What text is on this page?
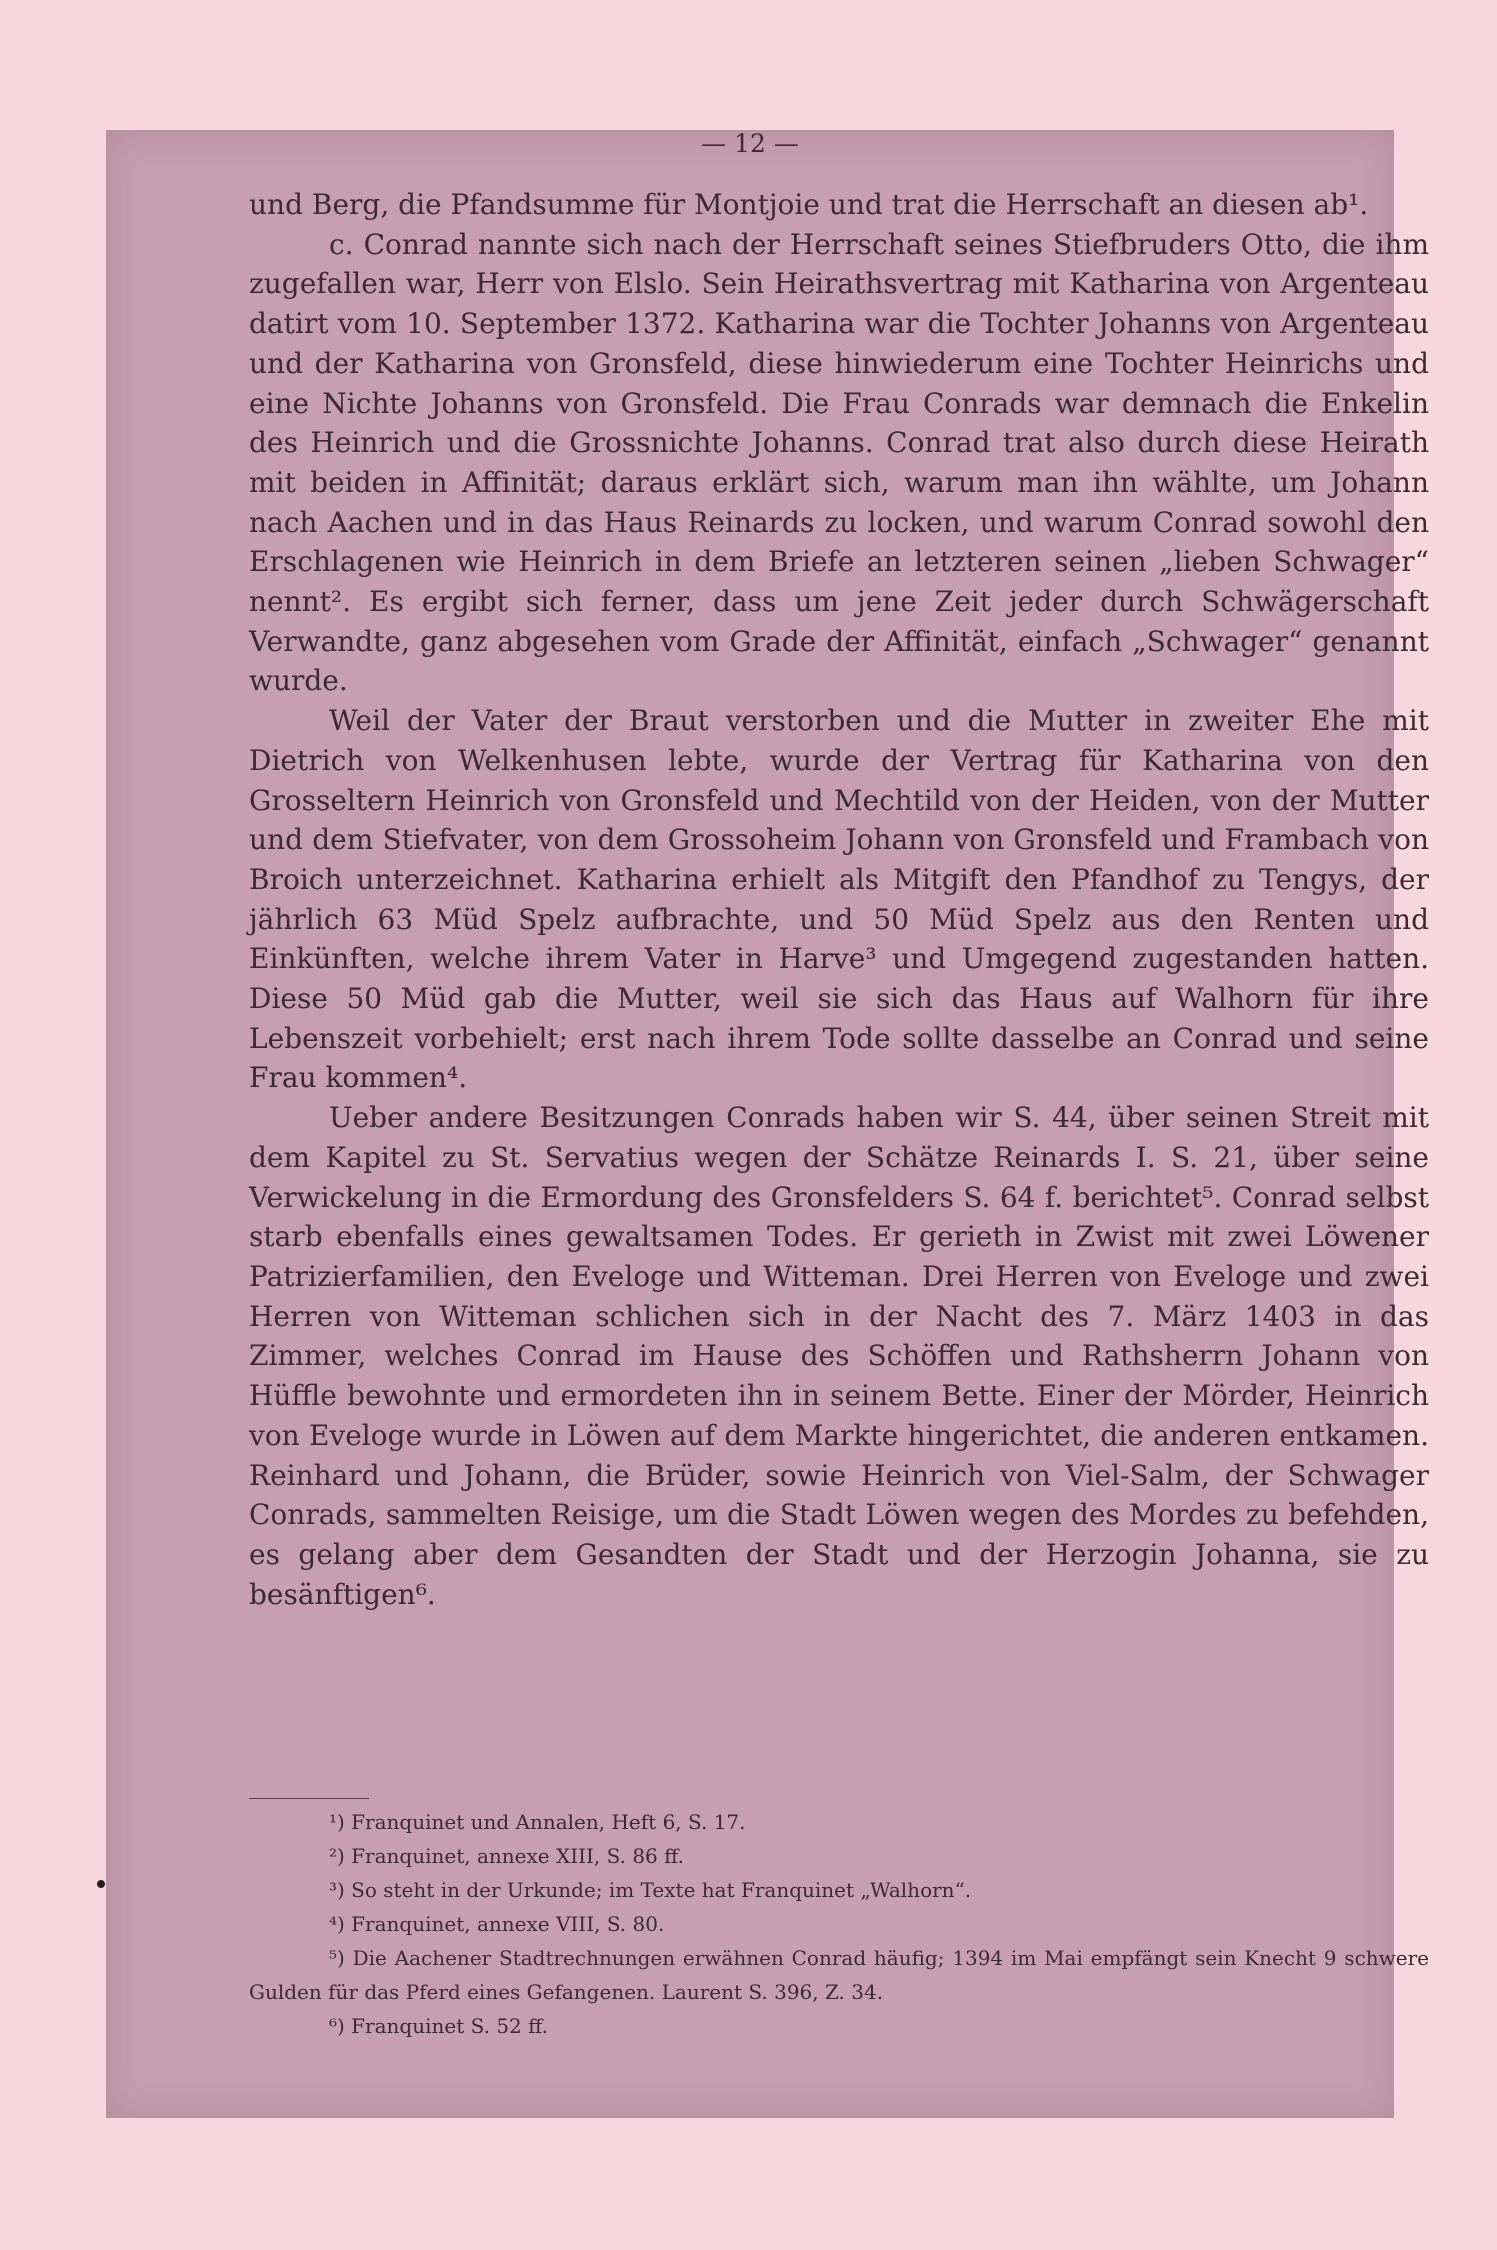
— 12 —

und Berg, die Pfandsumme für Montjoie und trat die Herrschaft an diesen ab¹.

c. Conrad nannte sich nach der Herrschaft seines Stiefbruders Otto, die ihm zugefallen war, Herr von Elslo. Sein Heirathsvertrag mit Katharina von Argenteau datirt vom 10. September 1372. Katharina war die Tochter Johanns von Argenteau und der Katharina von Gronsfeld, diese hinwiederum eine Tochter Heinrichs und eine Nichte Johanns von Gronsfeld. Die Frau Conrads war demnach die Enkelin des Heinrich und die Grossnichte Johanns. Conrad trat also durch diese Heirath mit beiden in Affinität; daraus erklärt sich, warum man ihn wählte, um Johann nach Aachen und in das Haus Reinards zu locken, und warum Conrad sowohl den Erschlagenen wie Heinrich in dem Briefe an letzteren seinen „lieben Schwager“ nennt². Es ergibt sich ferner, dass um jene Zeit jeder durch Schwägerschaft Verwandte, ganz abgesehen vom Grade der Affinität, einfach „Schwager“ genannt wurde.

Weil der Vater der Braut verstorben und die Mutter in zweiter Ehe mit Dietrich von Welkenhusen lebte, wurde der Vertrag für Katharina von den Grosseltern Heinrich von Gronsfeld und Mechtild von der Heiden, von der Mutter und dem Stiefvater, von dem Grossoheim Johann von Gronsfeld und Frambach von Broich unterzeichnet. Katharina erhielt als Mitgift den Pfandhof zu Tengys, der jährlich 63 Müd Spelz aufbrachte, und 50 Müd Spelz aus den Renten und Einkünften, welche ihrem Vater in Harve³ und Umgegend zugestanden hatten. Diese 50 Müd gab die Mutter, weil sie sich das Haus auf Walhorn für ihre Lebenszeit vorbehielt; erst nach ihrem Tode sollte dasselbe an Conrad und seine Frau kommen⁴.

Ueber andere Besitzungen Conrads haben wir S. 44, über seinen Streit mit dem Kapitel zu St. Servatius wegen der Schätze Reinards I. S. 21, über seine Verwickelung in die Ermordung des Gronsfelders S. 64 f. berichtet⁵. Conrad selbst starb ebenfalls eines gewaltsamen Todes. Er gerieth in Zwist mit zwei Löwener Patrizierfamilien, den Eveloge und Witteman. Drei Herren von Eveloge und zwei Herren von Witteman schlichen sich in der Nacht des 7. März 1403 in das Zimmer, welches Conrad im Hause des Schöffen und Rathsherrn Johann von Hüffle bewohnte und ermordeten ihn in seinem Bette. Einer der Mörder, Heinrich von Eveloge wurde in Löwen auf dem Markte hingerichtet, die anderen entkamen. Reinhard und Johann, die Brüder, sowie Heinrich von Viel-Salm, der Schwager Conrads, sammelten Reisige, um die Stadt Löwen wegen des Mordes zu befehden, es gelang aber dem Gesandten der Stadt und der Herzogin Johanna, sie zu besänftigen⁶.

¹) Franquinet und Annalen, Heft 6, S. 17.

²) Franquinet, annexe XIII, S. 86 ff.

³) So steht in der Urkunde; im Texte hat Franquinet „Walhorn“.

⁴) Franquinet, annexe VIII, S. 80.

⁵) Die Aachener Stadtrechnungen erwähnen Conrad häufig; 1394 im Mai empfängt sein Knecht 9 schwere Gulden für das Pferd eines Gefangenen. Laurent S. 396, Z. 34.

⁶) Franquinet S. 52 ff.
